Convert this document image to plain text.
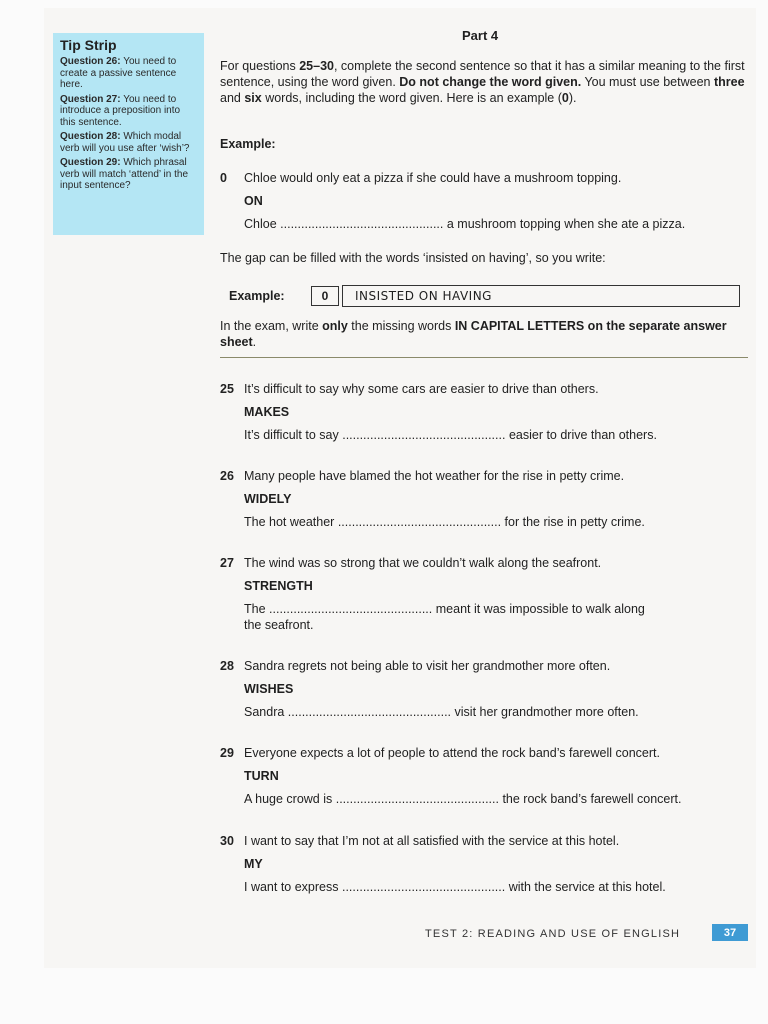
Tip Strip
Question 26: You need to create a passive sentence here.
Question 27: You need to introduce a preposition into this sentence.
Question 28: Which modal verb will you use after ‘wish’?
Question 29: Which phrasal verb will match ‘attend’ in the input sentence?
Part 4
For questions 25–30, complete the second sentence so that it has a similar meaning to the first sentence, using the word given. Do not change the word given. You must use between three and six words, including the word given. Here is an example (0).
Example:
0 Chloe would only eat a pizza if she could have a mushroom topping.
ON
Chloe ............................................... a mushroom topping when she ate a pizza.
The gap can be filled with the words ‘insisted on having’, so you write:
Example:	0	INSISTED ON HAVING
In the exam, write only the missing words IN CAPITAL LETTERS on the separate answer sheet.
25 It’s difficult to say why some cars are easier to drive than others.
MAKES
It’s difficult to say ............................................... easier to drive than others.
26 Many people have blamed the hot weather for the rise in petty crime.
WIDELY
The hot weather ............................................... for the rise in petty crime.
27 The wind was so strong that we couldn’t walk along the seafront.
STRENGTH
The ............................................... meant it was impossible to walk along
the seafront.
28 Sandra regrets not being able to visit her grandmother more often.
WISHES
Sandra ............................................... visit her grandmother more often.
29 Everyone expects a lot of people to attend the rock band’s farewell concert.
TURN
A huge crowd is ............................................... the rock band’s farewell concert.
30 I want to say that I’m not at all satisfied with the service at this hotel.
MY
I want to express ............................................... with the service at this hotel.
TEST 2: READING AND USE OF ENGLISH	37
